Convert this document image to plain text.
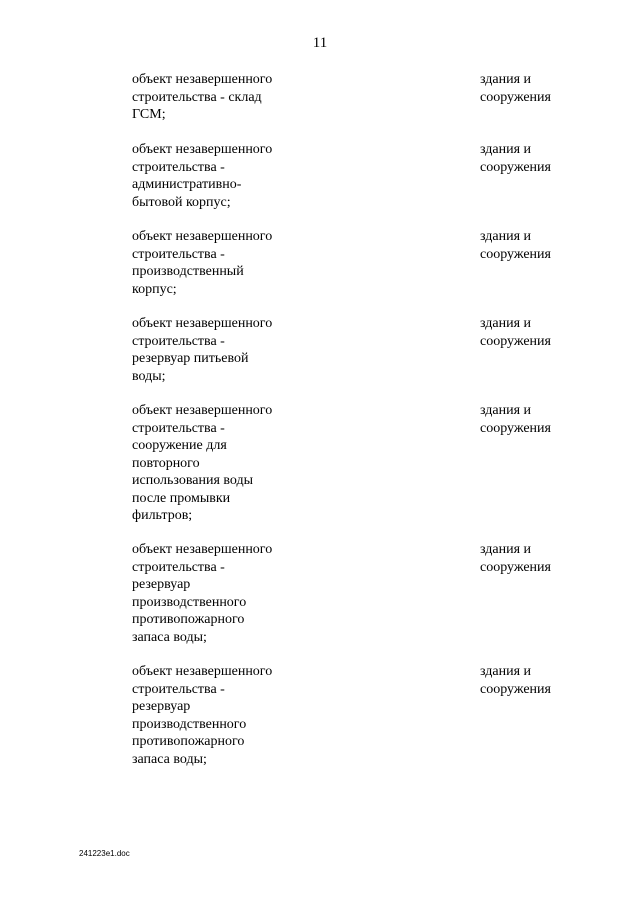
11
объект незавершенного
строительства - склад
ГСМ;
здания и
сооружения
объект незавершенного
строительства -
административно-
бытовой корпус;
здания и
сооружения
объект незавершенного
строительства -
производственный
корпус;
здания и
сооружения
объект незавершенного
строительства -
резервуар питьевой
воды;
здания и
сооружения
объект незавершенного
строительства -
сооружение для
повторного
использования воды
после промывки
фильтров;
здания и
сооружения
объект незавершенного
строительства -
резервуар
производственного
противопожарного
запаса воды;
здания и
сооружения
объект незавершенного
строительства -
резервуар
производственного
противопожарного
запаса воды;
здания и
сооружения
241223e1.doc
